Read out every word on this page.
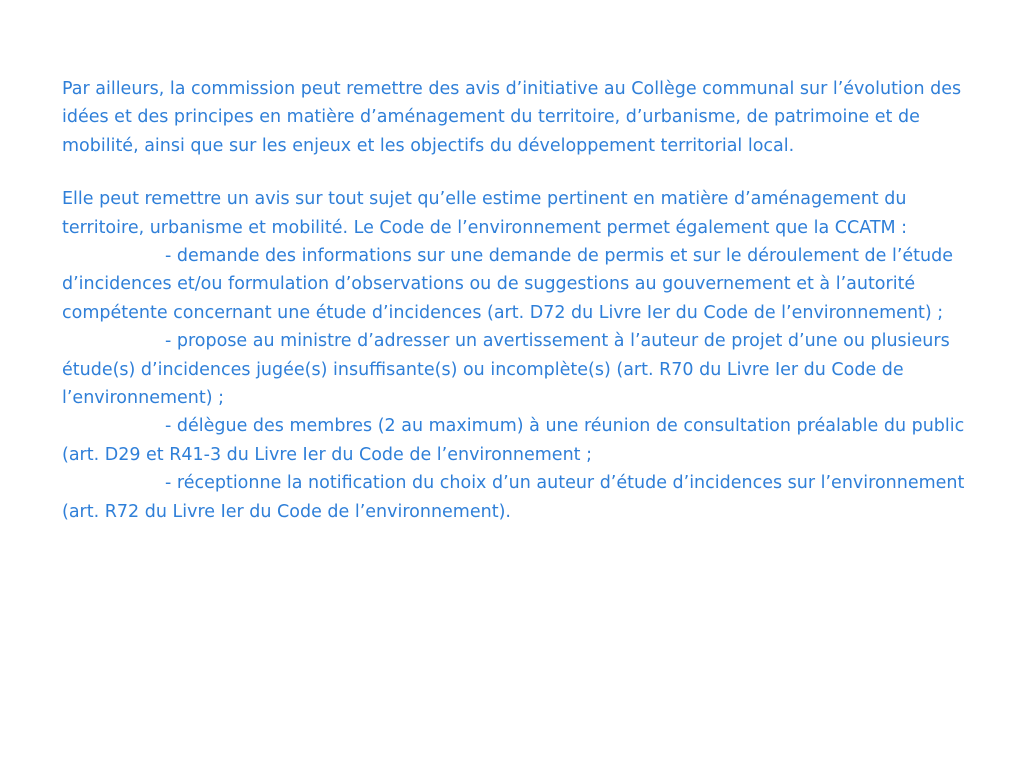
Par ailleurs, la commission peut remettre des avis d’initiative au Collège communal sur l’évolution des idées et des principes en matière d’aménagement du territoire, d’urbanisme, de patrimoine et de mobilité, ainsi que sur les enjeux et les objectifs du développement territorial local.

Elle peut remettre un avis sur tout sujet qu’elle estime pertinent en matière d’aménagement du territoire, urbanisme et mobilité. Le Code de l’environnement permet également que la CCATM :

- demande des informations sur une demande de permis et sur le déroulement de l’étude d’incidences et/ou formulation d’observations ou de suggestions au gouvernement et à l’autorité compétente concernant une étude d’incidences (art. D72 du Livre Ier du Code de l’environnement) ;

- propose au ministre d’adresser un avertissement à l’auteur de projet d’une ou plusieurs étude(s) d’incidences jugée(s) insuffisante(s) ou incomplète(s) (art. R70 du Livre Ier du Code de l’environnement) ;

- délègue des membres (2 au maximum) à une réunion de consultation préalable du public (art. D29 et R41-3 du Livre Ier du Code de l’environnement ;

- réceptionne la notification du choix d’un auteur d’étude d’incidences sur l’environnement (art. R72 du Livre Ier du Code de l’environnement).
